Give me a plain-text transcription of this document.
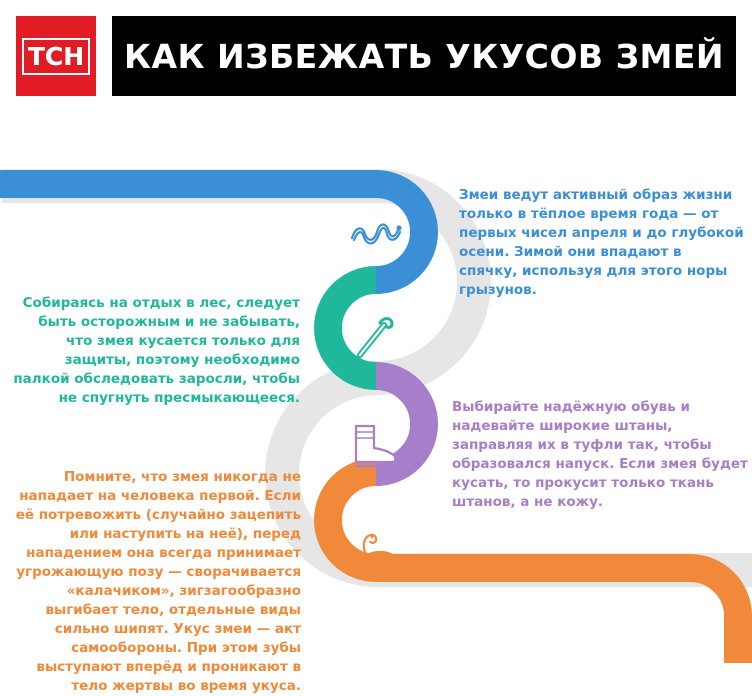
ТСН КАК ИЗБЕЖАТЬ УКУСОВ ЗМЕЙ
Змеи ведут активный образ жизни только в тёплое время года — от первых чисел апреля и до глубокой осени. Зимой они впадают в спячку, используя для этого норы грызунов.
Собираясь на отдых в лес, следует быть осторожным и не забывать, что змея кусается только для защиты, поэтому необходимо палкой обследовать заросли, чтобы не спугнуть пресмыкающееся.
Выбирайте надёжную обувь и надевайте широкие штаны, заправляя их в туфли так, чтобы образовался напуск. Если змея будет кусать, то прокусит только ткань штанов, а не кожу.
Помните, что змея никогда не нападает на человека первой. Если её потревожить (случайно зацепить или наступить на неё), перед нападением она всегда принимает угрожающую позу — сворачивается «калачиком», зигзагообразно выгибает тело, отдельные виды сильно шипят. Укус змеи — акт самообороны. При этом зубы выступают вперёд и проникают в тело жертвы во время укуса.
